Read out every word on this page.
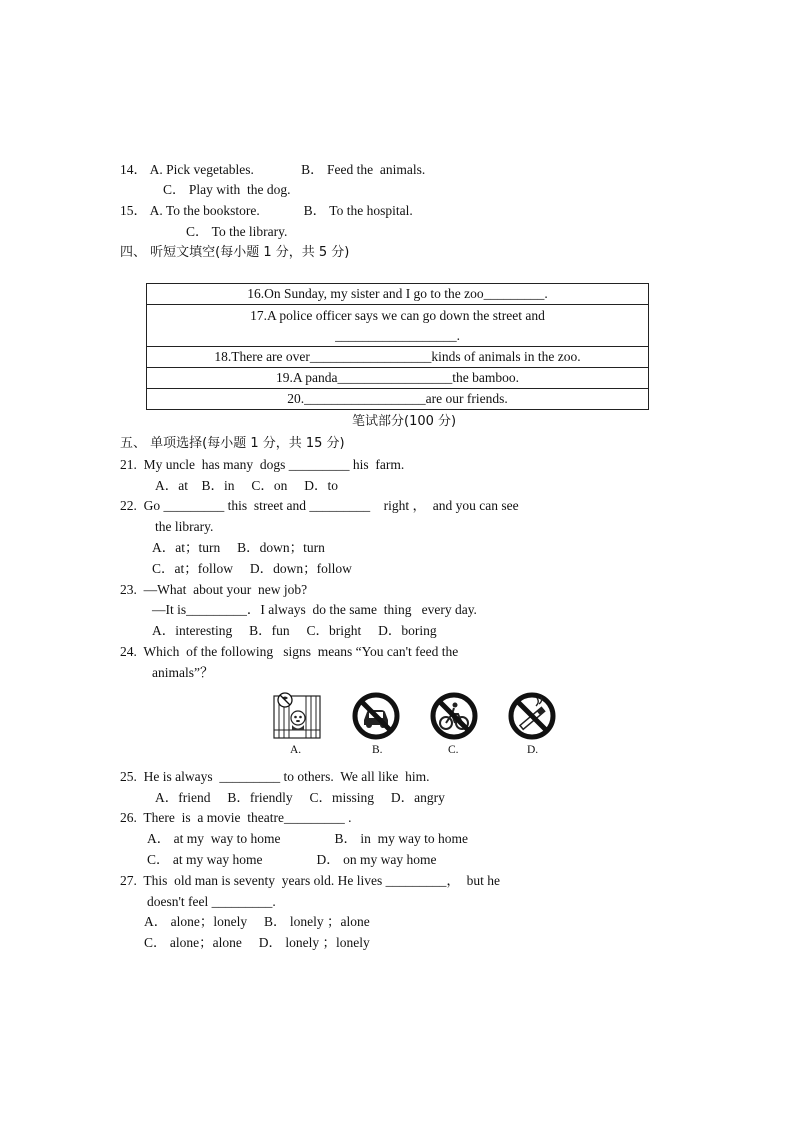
14． A. Pick vegetables.              B． Feed the  animals.
C． Play with  the dog.
15． A. To the bookstore.             B． To the hospital.
C． To the library.
四、 听短文填空(每小题 1 分，共 5 分)
16.On Sunday, my sister and I go to the zoo_________.
17.A police officer says we can go down the street and
__________________.
18.There are over__________________kinds of animals in the zoo.
19.A panda_________________the bamboo.
20.__________________are our friends.
笔试部分(100 分)
五、 单项选择(每小题 1 分，共 15 分)
21.  My uncle  has many  dogs _________ his  farm.
A．at    B．in     C．on     D．to
22.  Go _________ this  street and _________    right ，  and you can see
the library.
A．at；turn     B．down；turn
C．at；follow     D．down；follow
23.  —What  about your  new job?
—It is_________．I always  do the same  thing   every day.
A．interesting     B．fun     C．bright     D．boring
24.  Which  of the following   signs  means “You can't feed the
animals”？
A.	B.	C.	D.
25.  He is always  _________ to others.  We all like  him.
A．friend     B．friendly     C．missing     D．angry
26.  There  is  a movie  theatre_________ .
A． at my  way to home                B． in  my way to home
C． at my way home                D． on my way home
27.  This  old man is seventy  years old. He lives _________，  but he
doesn't feel _________.
A． alone；lonely     B． lonely ；alone
C． alone；alone     D． lonely ；lonely
